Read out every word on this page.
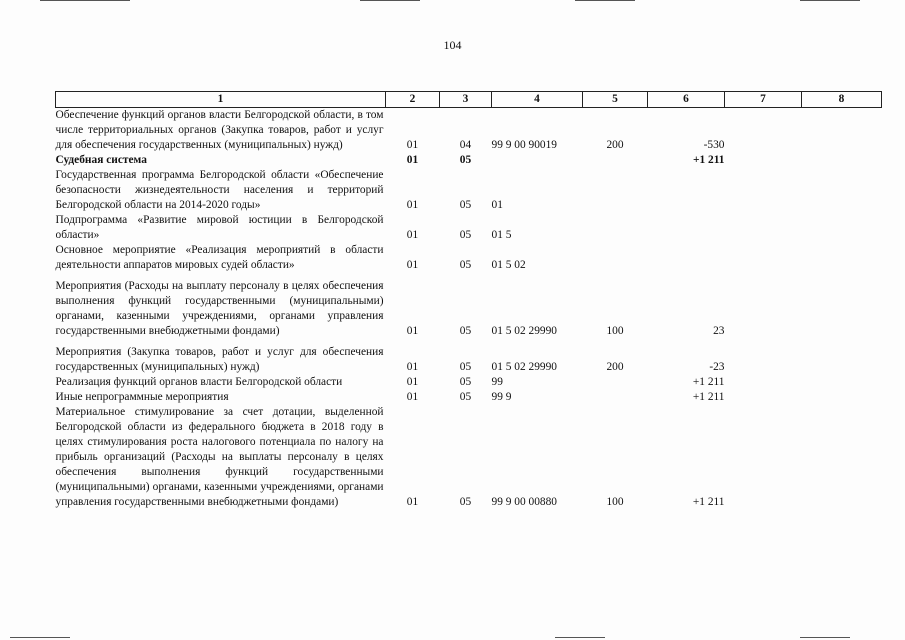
104
1	2	3	4	5	6	7	8
Обеспечение функций органов власти Белгородской области, в том числе территориальных органов (Закупка товаров, работ и услуг для обеспечения государственных (муниципальных) нужд)	01	04	99 9 00 90019	200	-530		
Судебная система	01	05			+1 211		
Государственная программа Белгородской области «Обеспечение безопасности жизнедеятельности населения и территорий Белгородской области на 2014-2020 годы»	01	05	01				
Подпрограмма «Развитие мировой юстиции в Белгородской области»	01	05	01 5				
Основное мероприятие «Реализация мероприятий в области деятельности аппаратов мировых судей области»	01	05	01 5 02				
Мероприятия (Расходы на выплату персоналу в целях обеспечения выполнения функций государственными (муниципальными) органами, казенными учреждениями, органами управления государственными внебюджетными фондами)	01	05	01 5 02 29990	100	23		
Мероприятия (Закупка товаров, работ и услуг для обеспечения государственных (муниципальных) нужд)	01	05	01 5 02 29990	200	-23		
Реализация функций органов власти Белгородской области	01	05	99		+1 211		
Иные непрограммные мероприятия	01	05	99 9		+1 211		
Материальное стимулирование за счет дотации, выделенной Белгородской области из федерального бюджета в 2018 году в целях стимулирования роста налогового потенциала по налогу на прибыль организаций (Расходы на выплаты персоналу в целях обеспечения выполнения функций государственными (муниципальными) органами, казенными учреждениями, органами управления государственными внебюджетными фондами)	01	05	99 9 00 00880	100	+1 211		
